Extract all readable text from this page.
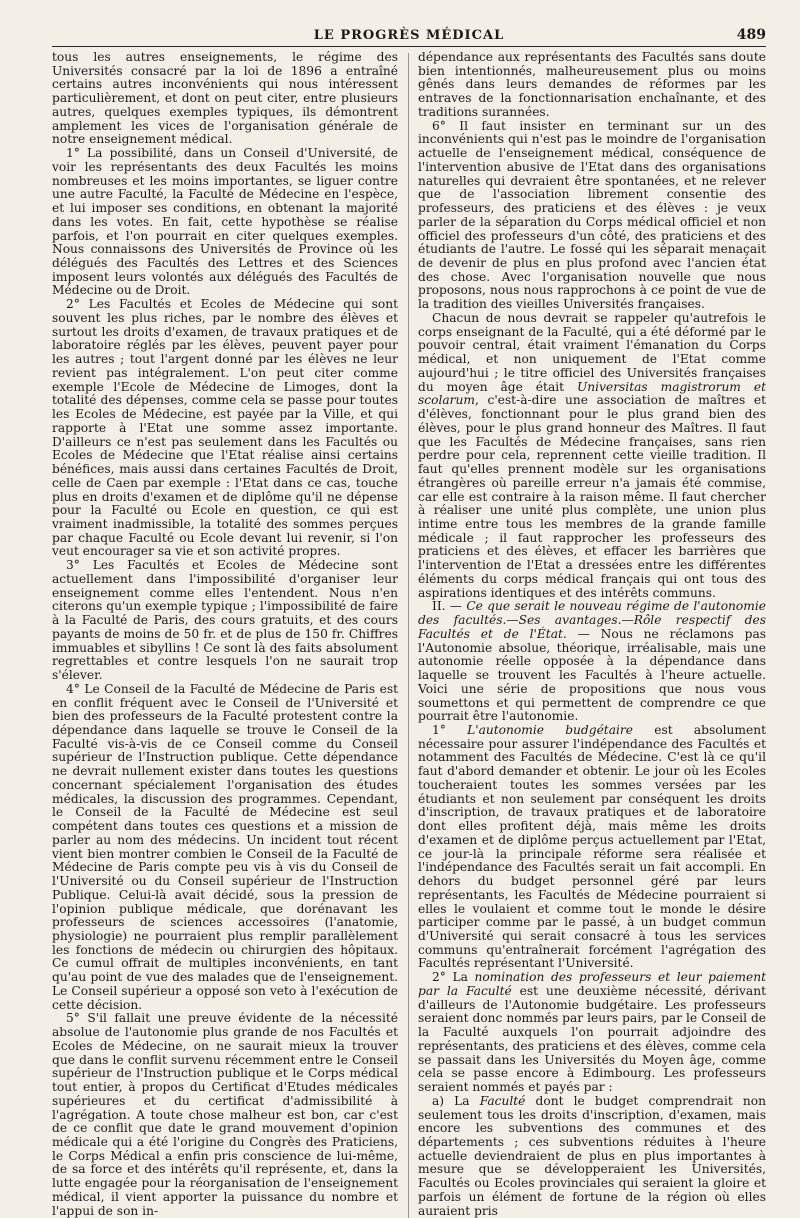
LE PROGRÈS MÉDICAL	489

tous les autres enseignements, le régime des Universités consacré par la loi de 1896 a entraîné certains autres inconvénients qui nous intéressent particulièrement, et dont on peut citer, entre plusieurs autres, quelques exemples typiques, ils démontrent amplement les vices de l'organisation générale de notre enseignement médical.

1° La possibilité, dans un Conseil d'Université, de voir les représentants des deux Facultés les moins nombreuses et les moins importantes, se liguer contre une autre Faculté, la Faculté de Médecine en l'espèce, et lui imposer ses conditions, en obtenant la majorité dans les votes. En fait, cette hypothèse se réalise parfois, et l'on pourrait en citer quelques exemples. Nous connaissons des Universités de Province où les délégués des Facultés des Lettres et des Sciences imposent leurs volontés aux délégués des Facultés de Médecine ou de Droit.

2° Les Facultés et Ecoles de Médecine qui sont souvent les plus riches, par le nombre des élèves et surtout les droits d'examen, de travaux pratiques et de laboratoire réglés par les élèves, peuvent payer pour les autres ; tout l'argent donné par les élèves ne leur revient pas intégralement. L'on peut citer comme exemple l'Ecole de Médecine de Limoges, dont la totalité des dépenses, comme cela se passe pour toutes les Ecoles de Médecine, est payée par la Ville, et qui rapporte à l'Etat une somme assez importante. D'ailleurs ce n'est pas seulement dans les Facultés ou Ecoles de Médecine que l'Etat réalise ainsi certains bénéfices, mais aussi dans certaines Facultés de Droit, celle de Caen par exemple : l'Etat dans ce cas, touche plus en droits d'examen et de diplôme qu'il ne dépense pour la Faculté ou Ecole en question, ce qui est vraiment inadmissible, la totalité des sommes perçues par chaque Faculté ou Ecole devant lui revenir, si l'on veut encourager sa vie et son activité propres.

3° Les Facultés et Ecoles de Médecine sont actuellement dans l'impossibilité d'organiser leur enseignement comme elles l'entendent. Nous n'en citerons qu'un exemple typique ; l'impossibilité de faire à la Faculté de Paris, des cours gratuits, et des cours payants de moins de 50 fr. et de plus de 150 fr. Chiffres immuables et sibyllins ! Ce sont là des faits absolument regrettables et contre lesquels l'on ne saurait trop s'élever.

4° Le Conseil de la Faculté de Médecine de Paris est en conflit fréquent avec le Conseil de l'Université et bien des professeurs de la Faculté protestent contre la dépendance dans laquelle se trouve le Conseil de la Faculté vis-à-vis de ce Conseil comme du Conseil supérieur de l'Instruction publique. Cette dépendance ne devrait nullement exister dans toutes les questions concernant spécialement l'organisation des études médicales, la discussion des programmes. Cependant, le Conseil de la Faculté de Médecine est seul compétent dans toutes ces questions et a mission de parler au nom des médecins. Un incident tout récent vient bien montrer combien le Conseil de la Faculté de Médecine de Paris compte peu vis à vis du Conseil de l'Université ou du Conseil supérieur de l'Instruction Publique. Celui-là avait décidé, sous la pression de l'opinion publique médicale, que dorénavant les professeurs de sciences accessoires (l'anatomie, physiologie) ne pourraient plus remplir parallèlement les fonctions de médecin ou chirurgien des hôpitaux. Ce cumul offrait de multiples inconvénients, en tant qu'au point de vue des malades que de l'enseignement. Le Conseil supérieur a opposé son veto à l'exécution de cette décision.

5° S'il fallait une preuve évidente de la nécessité absolue de l'autonomie plus grande de nos Facultés et Ecoles de Médecine, on ne saurait mieux la trouver que dans le conflit survenu récemment entre le Conseil supérieur de l'Instruction publique et le Corps médical tout entier, à propos du Certificat d'Etudes médicales supérieures et du certificat d'admissibilité à l'agrégation. A toute chose malheur est bon, car c'est de ce conflit que date le grand mouvement d'opinion médicale qui a été l'origine du Congrès des Praticiens, le Corps Médical a enfin pris conscience de lui-même, de sa force et des intérêts qu'il représente, et, dans la lutte engagée pour la réorganisation de l'enseignement médical, il vient apporter la puissance du nombre et l'appui de son in-

dépendance aux représentants des Facultés sans doute bien intentionnés, malheureusement plus ou moins gênés dans leurs demandes de réformes par les entraves de la fonctionnarisation enchaînante, et des traditions surannées.

6° Il faut insister en terminant sur un des inconvénients qui n'est pas le moindre de l'organisation actuelle de l'enseignement médical, conséquence de l'intervention abusive de l'Etat dans des organisations naturelles qui devraient être spontanées, et ne relever que de l'association librement consentie des professeurs, des praticiens et des élèves : je veux parler de la séparation du Corps médical officiel et non officiel des professeurs d'un côté, des praticiens et des étudiants de l'autre. Le fossé qui les séparait menaçait de devenir de plus en plus profond avec l'ancien état des chose. Avec l'organisation nouvelle que nous proposons, nous nous rapprochons à ce point de vue de la tradition des vieilles Universités françaises.

Chacun de nous devrait se rappeler qu'autrefois le corps enseignant de la Faculté, qui a été déformé par le pouvoir central, était vraiment l'émanation du Corps médical, et non uniquement de l'Etat comme aujourd'hui ; le titre officiel des Universités françaises du moyen âge était Universitas magistrorum et scolarum, c'est-à-dire une association de maîtres et d'élèves, fonctionnant pour le plus grand bien des élèves, pour le plus grand honneur des Maîtres. Il faut que les Facultés de Médecine françaises, sans rien perdre pour cela, reprennent cette vieille tradition. Il faut qu'elles prennent modèle sur les organisations étrangères où pareille erreur n'a jamais été commise, car elle est contraire à la raison même. Il faut chercher à réaliser une unité plus complète, une union plus intime entre tous les membres de la grande famille médicale ; il faut rapprocher les professeurs des praticiens et des élèves, et effacer les barrières que l'intervention de l'Etat a dressées entre les différentes éléments du corps médical français qui ont tous des aspirations identiques et des intérêts communs.

II. — Ce que serait le nouveau régime de l'autonomie des facultés.—Ses avantages.—Rôle respectif des Facultés et de l'État. — Nous ne réclamons pas l'Autonomie absolue, théorique, irréalisable, mais une autonomie réelle opposée à la dépendance dans laquelle se trouvent les Facultés à l'heure actuelle. Voici une série de propositions que nous vous soumettons et qui permettent de comprendre ce que pourrait être l'autonomie.

1° L'autonomie budgétaire est absolument nécessaire pour assurer l'indépendance des Facultés et notamment des Facultés de Médecine. C'est là ce qu'il faut d'abord demander et obtenir. Le jour où les Ecoles toucheraient toutes les sommes versées par les étudiants et non seulement par conséquent les droits d'inscription, de travaux pratiques et de laboratoire dont elles profitent déjà, mais même les droits d'examen et de diplôme perçus actuellement par l'Etat, ce jour-là la principale réforme sera réalisée et l'indépendance des Facultés serait un fait accompli. En dehors du budget personnel géré par leurs représentants, les Facultés de Médecine pourraient si elles le voulaient et comme tout le monde le désire participer comme par le passé, à un budget commun d'Université qui serait consacré à tous les services communs qu'entraînerait forcément l'agrégation des Facultés représentant l'Université.

2° La nomination des professeurs et leur paiement par la Faculté est une deuxième nécessité, dérivant d'ailleurs de l'Autonomie budgétaire. Les professeurs seraient donc nommés par leurs pairs, par le Conseil de la Faculté auxquels l'on pourrait adjoindre des représentants, des praticiens et des élèves, comme cela se passait dans les Universités du Moyen âge, comme cela se passe encore à Edimbourg. Les professeurs seraient nommés et payés par :

a) La Faculté dont le budget comprendrait non seulement tous les droits d'inscription, d'examen, mais encore les subventions des communes et des départements ; ces subventions réduites à l'heure actuelle deviendraient de plus en plus importantes à mesure que se développeraient les Universités, Facultés ou Ecoles provinciales qui seraient la gloire et parfois un élément de fortune de la région où elles auraient pris
